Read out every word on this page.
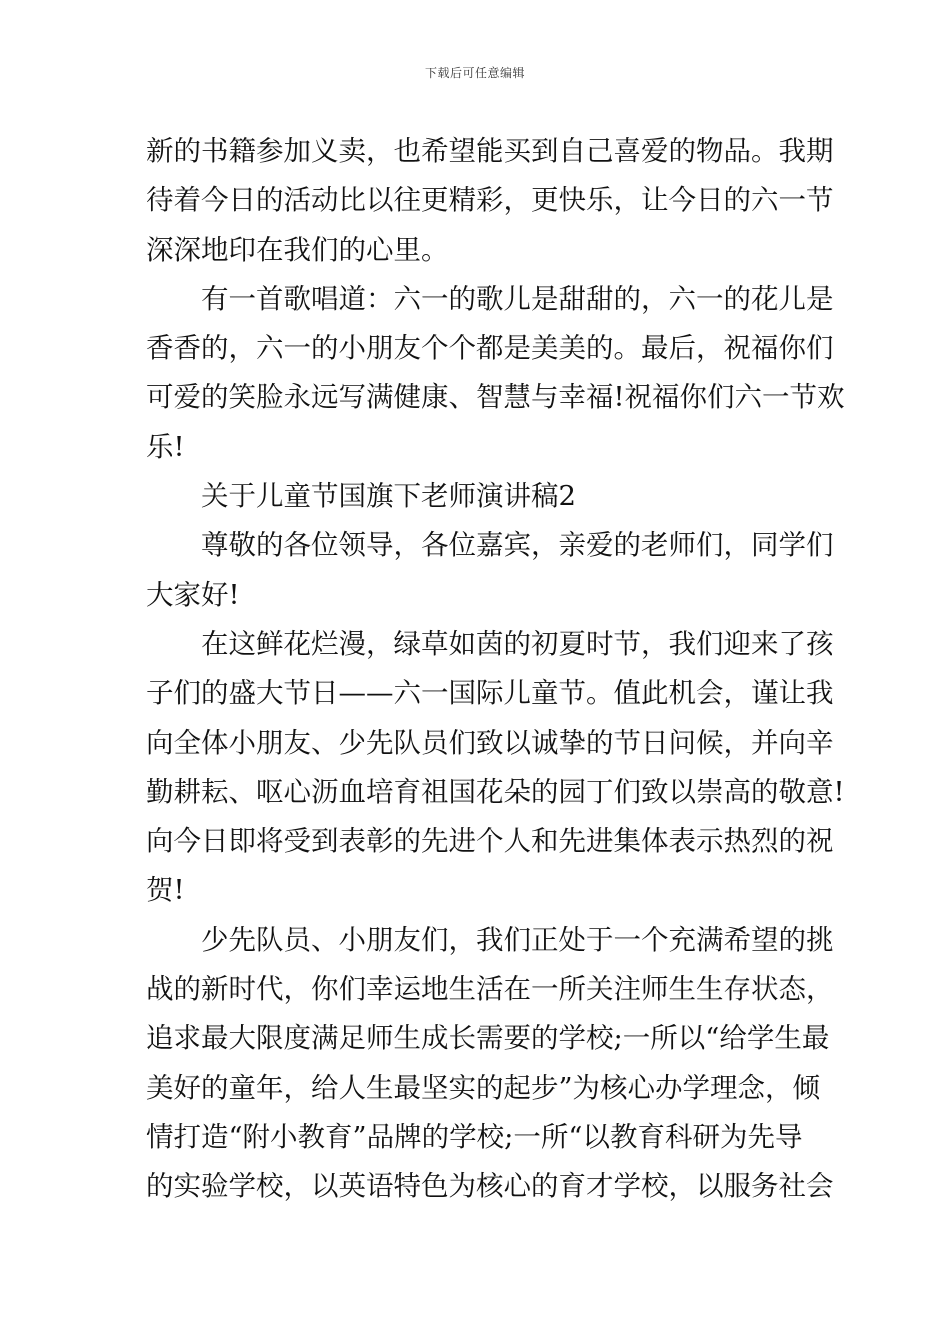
下载后可任意编辑
新的书籍参加义卖，也希望能买到自己喜爱的物品。我期
待着今日的活动比以往更精彩，更快乐，让今日的六一节
深深地印在我们的心里。
有一首歌唱道：六一的歌儿是甜甜的，六一的花儿是
香香的，六一的小朋友个个都是美美的。最后，祝福你们
可爱的笑脸永远写满健康、智慧与幸福!祝福你们六一节欢
乐!
关于儿童节国旗下老师演讲稿2
尊敬的各位领导，各位嘉宾，亲爱的老师们，同学们
大家好!
在这鲜花烂漫，绿草如茵的初夏时节，我们迎来了孩
子们的盛大节日——六一国际儿童节。值此机会，谨让我
向全体小朋友、少先队员们致以诚挚的节日问候，并向辛
勤耕耘、呕心沥血培育祖国花朵的园丁们致以崇高的敬意!
向今日即将受到表彰的先进个人和先进集体表示热烈的祝
贺!
少先队员、小朋友们，我们正处于一个充满希望的挑
战的新时代，你们幸运地生活在一所关注师生生存状态，
追求最大限度满足师生成长需要的学校;一所以“给学生最
美好的童年，给人生最坚实的起步”为核心办学理念，倾
情打造“附小教育”品牌的学校;一所“以教育科研为先导
的实验学校，以英语特色为核心的育才学校，以服务社会
